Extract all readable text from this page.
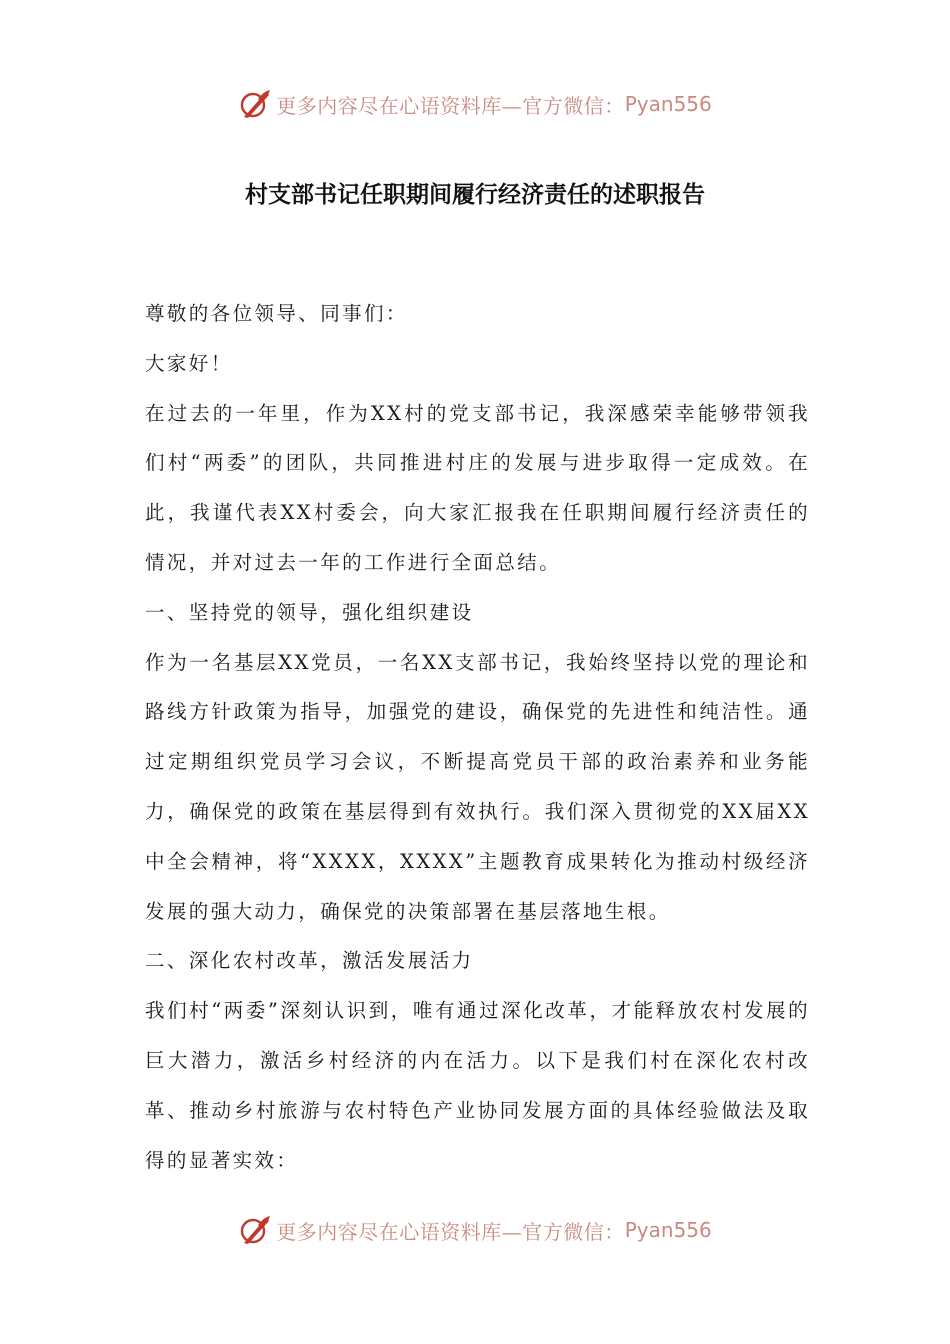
更多内容尽在心语资料库—官方微信： Pyan556
村支部书记任职期间履行经济责任的述职报告

尊敬的各位领导、同事们：

大家好！

在过去的一年里，作为XX村的党支部书记，我深感荣幸能够带领我们村“两委”的团队，共同推进村庄的发展与进步取得一定成效。在此，我谨代表XX村委会，向大家汇报我在任职期间履行经济责任的情况，并对过去一年的工作进行全面总结。

一、坚持党的领导，强化组织建设

作为一名基层XX党员，一名XX支部书记，我始终坚持以党的理论和路线方针政策为指导，加强党的建设，确保党的先进性和纯洁性。通过定期组织党员学习会议，不断提高党员干部的政治素养和业务能力，确保党的政策在基层得到有效执行。我们深入贯彻党的XX届XX中全会精神，将“XXXX，XXXX”主题教育成果转化为推动村级经济发展的强大动力，确保党的决策部署在基层落地生根。

二、深化农村改革，激活发展活力

我们村“两委”深刻认识到，唯有通过深化改革，才能释放农村发展的巨大潜力，激活乡村经济的内在活力。以下是我们村在深化农村改革、推动乡村旅游与农村特色产业协同发展方面的具体经验做法及取得的显著实效：

更多内容尽在心语资料库—官方微信： Pyan556
